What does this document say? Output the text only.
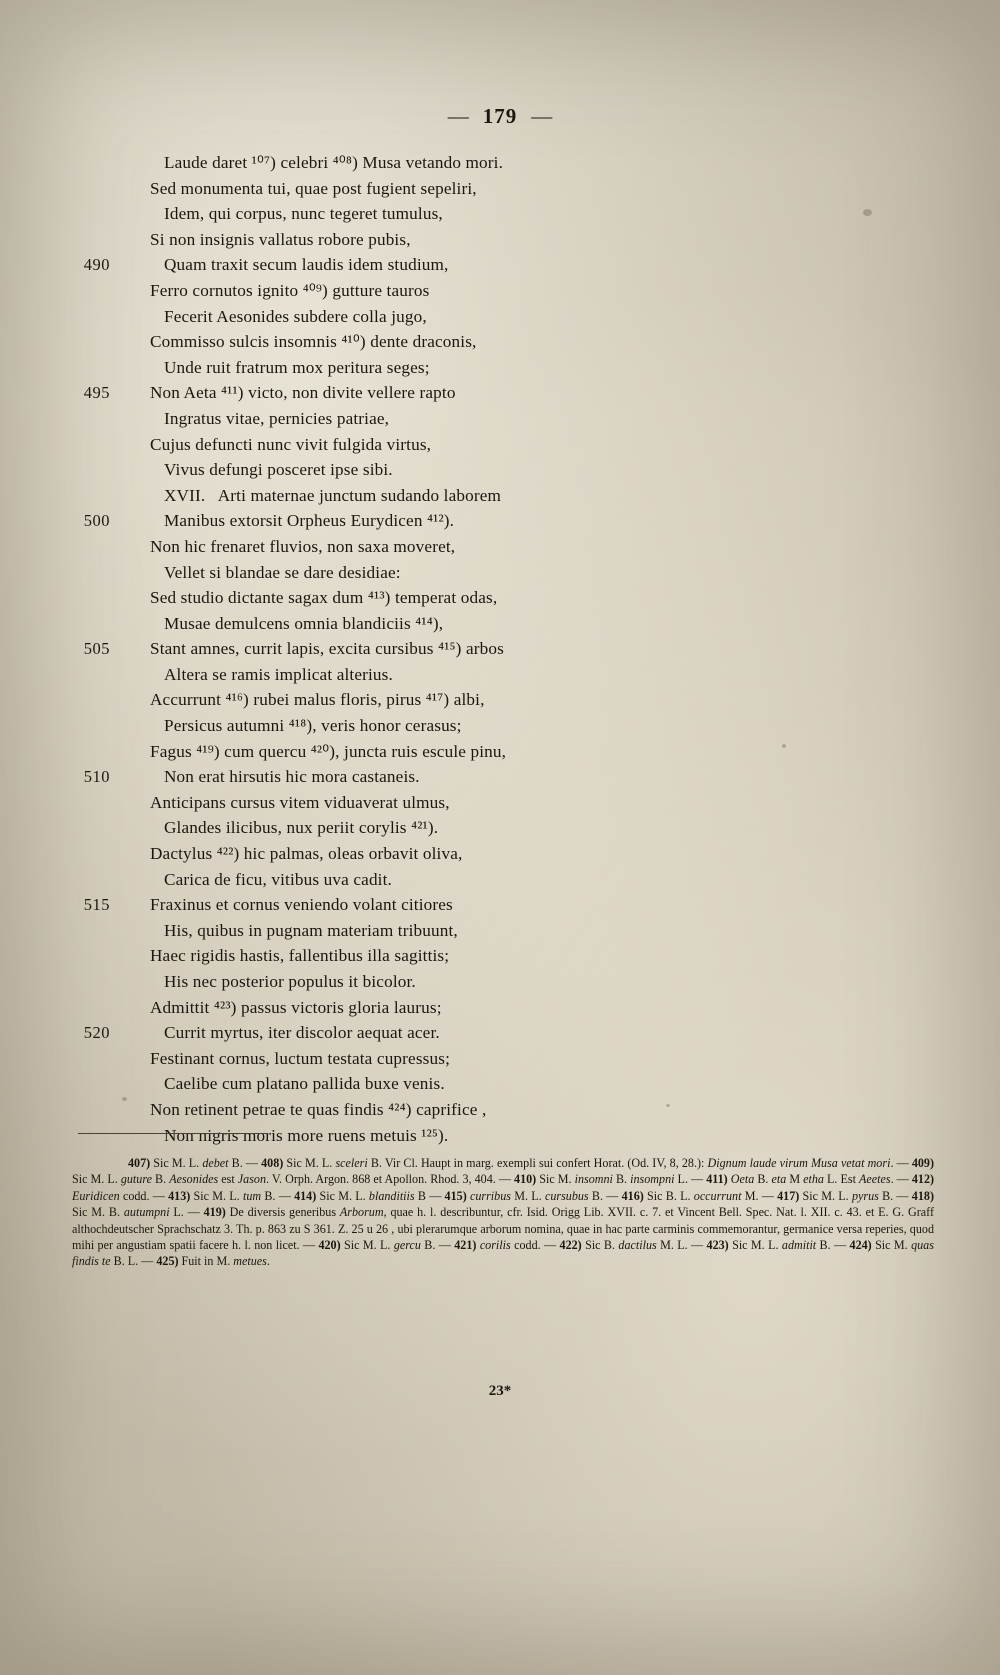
— 179 —
Laude daret ¹⁰⁷) celebri ⁴⁰⁸) Musa vetando mori.
Sed monumenta tui, quae post fugient sepeliri,
Idem, qui corpus, nunc tegeret tumulus,
Si non insignis vallatus robore pubis,
490	Quam traxit secum laudis idem studium,
Ferro cornutos ignito ⁴⁰⁹) gutture tauros
Fecerit Aesonides subdere colla jugo,
Commisso sulcis insomnis ⁴¹⁰) dente draconis,
Unde ruit fratrum mox peritura seges;
495 Non Aeta ⁴¹¹) victo, non divite vellere rapto
Ingratus vitae, pernicies patriae,
Cujus defuncti nunc vivit fulgida virtus,
Vivus defungi posceret ipse sibi.
XVII.   Arti maternae junctum sudando laborem
500	Manibus extorsit Orpheus Eurydicen ⁴¹²).
Non hic frenaret fluvios, non saxa moveret,
Vellet si blandae se dare desidiae:
Sed studio dictante sagax dum ⁴¹³) temperat odas,
Musae demulcens omnia blandiciis ⁴¹⁴),
505 Stant amnes, currit lapis, excita cursibus ⁴¹⁵) arbos
Altera se ramis implicat alterius.
Accurrunt ⁴¹⁶) rubei malus floris, pirus ⁴¹⁷) albi,
Persicus autumni ⁴¹⁸), veris honor cerasus;
Fagus ⁴¹⁹) cum quercu ⁴²⁰), juncta ruis escule pinu,
510	Non erat hirsutis hic mora castaneis.
Anticipans cursus vitem viduaverat ulmus,
Glandes ilicibus, nux periit corylis ⁴²¹).
Dactylus ⁴²²) hic palmas, oleas orbavit oliva,
Carica de ficu, vitibus uva cadit.
515 Fraxinus et cornus veniendo volant citiores
His, quibus in pugnam materiam tribuunt,
Haec rigidis hastis, fallentibus illa sagittis;
His nec posterior populus it bicolor.
Admittit ⁴²³) passus victoris gloria laurus;
520	Currit myrtus, iter discolor aequat acer.
Festinant cornus, luctum testata cupressus;
Caelibe cum platano pallida buxe venis.
Non retinent petrae te quas findis ⁴²⁴) caprifice ,
Non nigris moris more ruens metuis ¹²⁵).
407) Sic M. L. debet B. — 408) Sic M. L. sceleri B. Vir Cl. Haupt in marg. exempli sui confert Horat. (Od. IV, 8, 28.): Dignum laude virum Musa vetat mori. — 409) Sic M. L. guture B. Aesonides est Jason. V. Orph. Argon. 868 et Apollon. Rhod. 3, 404. — 410) Sic M. insomni B. insompni L. — 411) Oeta B. eta M etha L. Est Aeetes. — 412) Euridicen codd. — 413) Sic M. L. tum B. — 414) Sic M. L. blanditiis B — 415) curribus M. L. cursubus B. — 416) Sic B. L. occurrunt M. — 417) Sic M. L. pyrus B. — 418) Sic M. B. autumpni L. — 419) De diversis generibus Arborum, quae h. l. describuntur, cfr. Isid. Origg Lib. XVII. c. 7. et Vincent Bell. Spec. Nat. l. XII. c. 43. et E. G. Graff althochdeutscher Sprachschatz 3. Th. p. 863 zu S 361. Z. 25 u 26 , ubi plerarumque arborum nomina, quae in hac parte carminis commemorantur, germanice versa reperies, quod mihi per angustiam spatii facere h. l. non licet. — 420) Sic M. L. gercu B. — 421) corilis codd. — 422) Sic B. dactilus M. L. — 423) Sic M. L. admitit B. — 424) Sic M. quas findis te B. L. — 425) Fuit in M. metues.
23*
